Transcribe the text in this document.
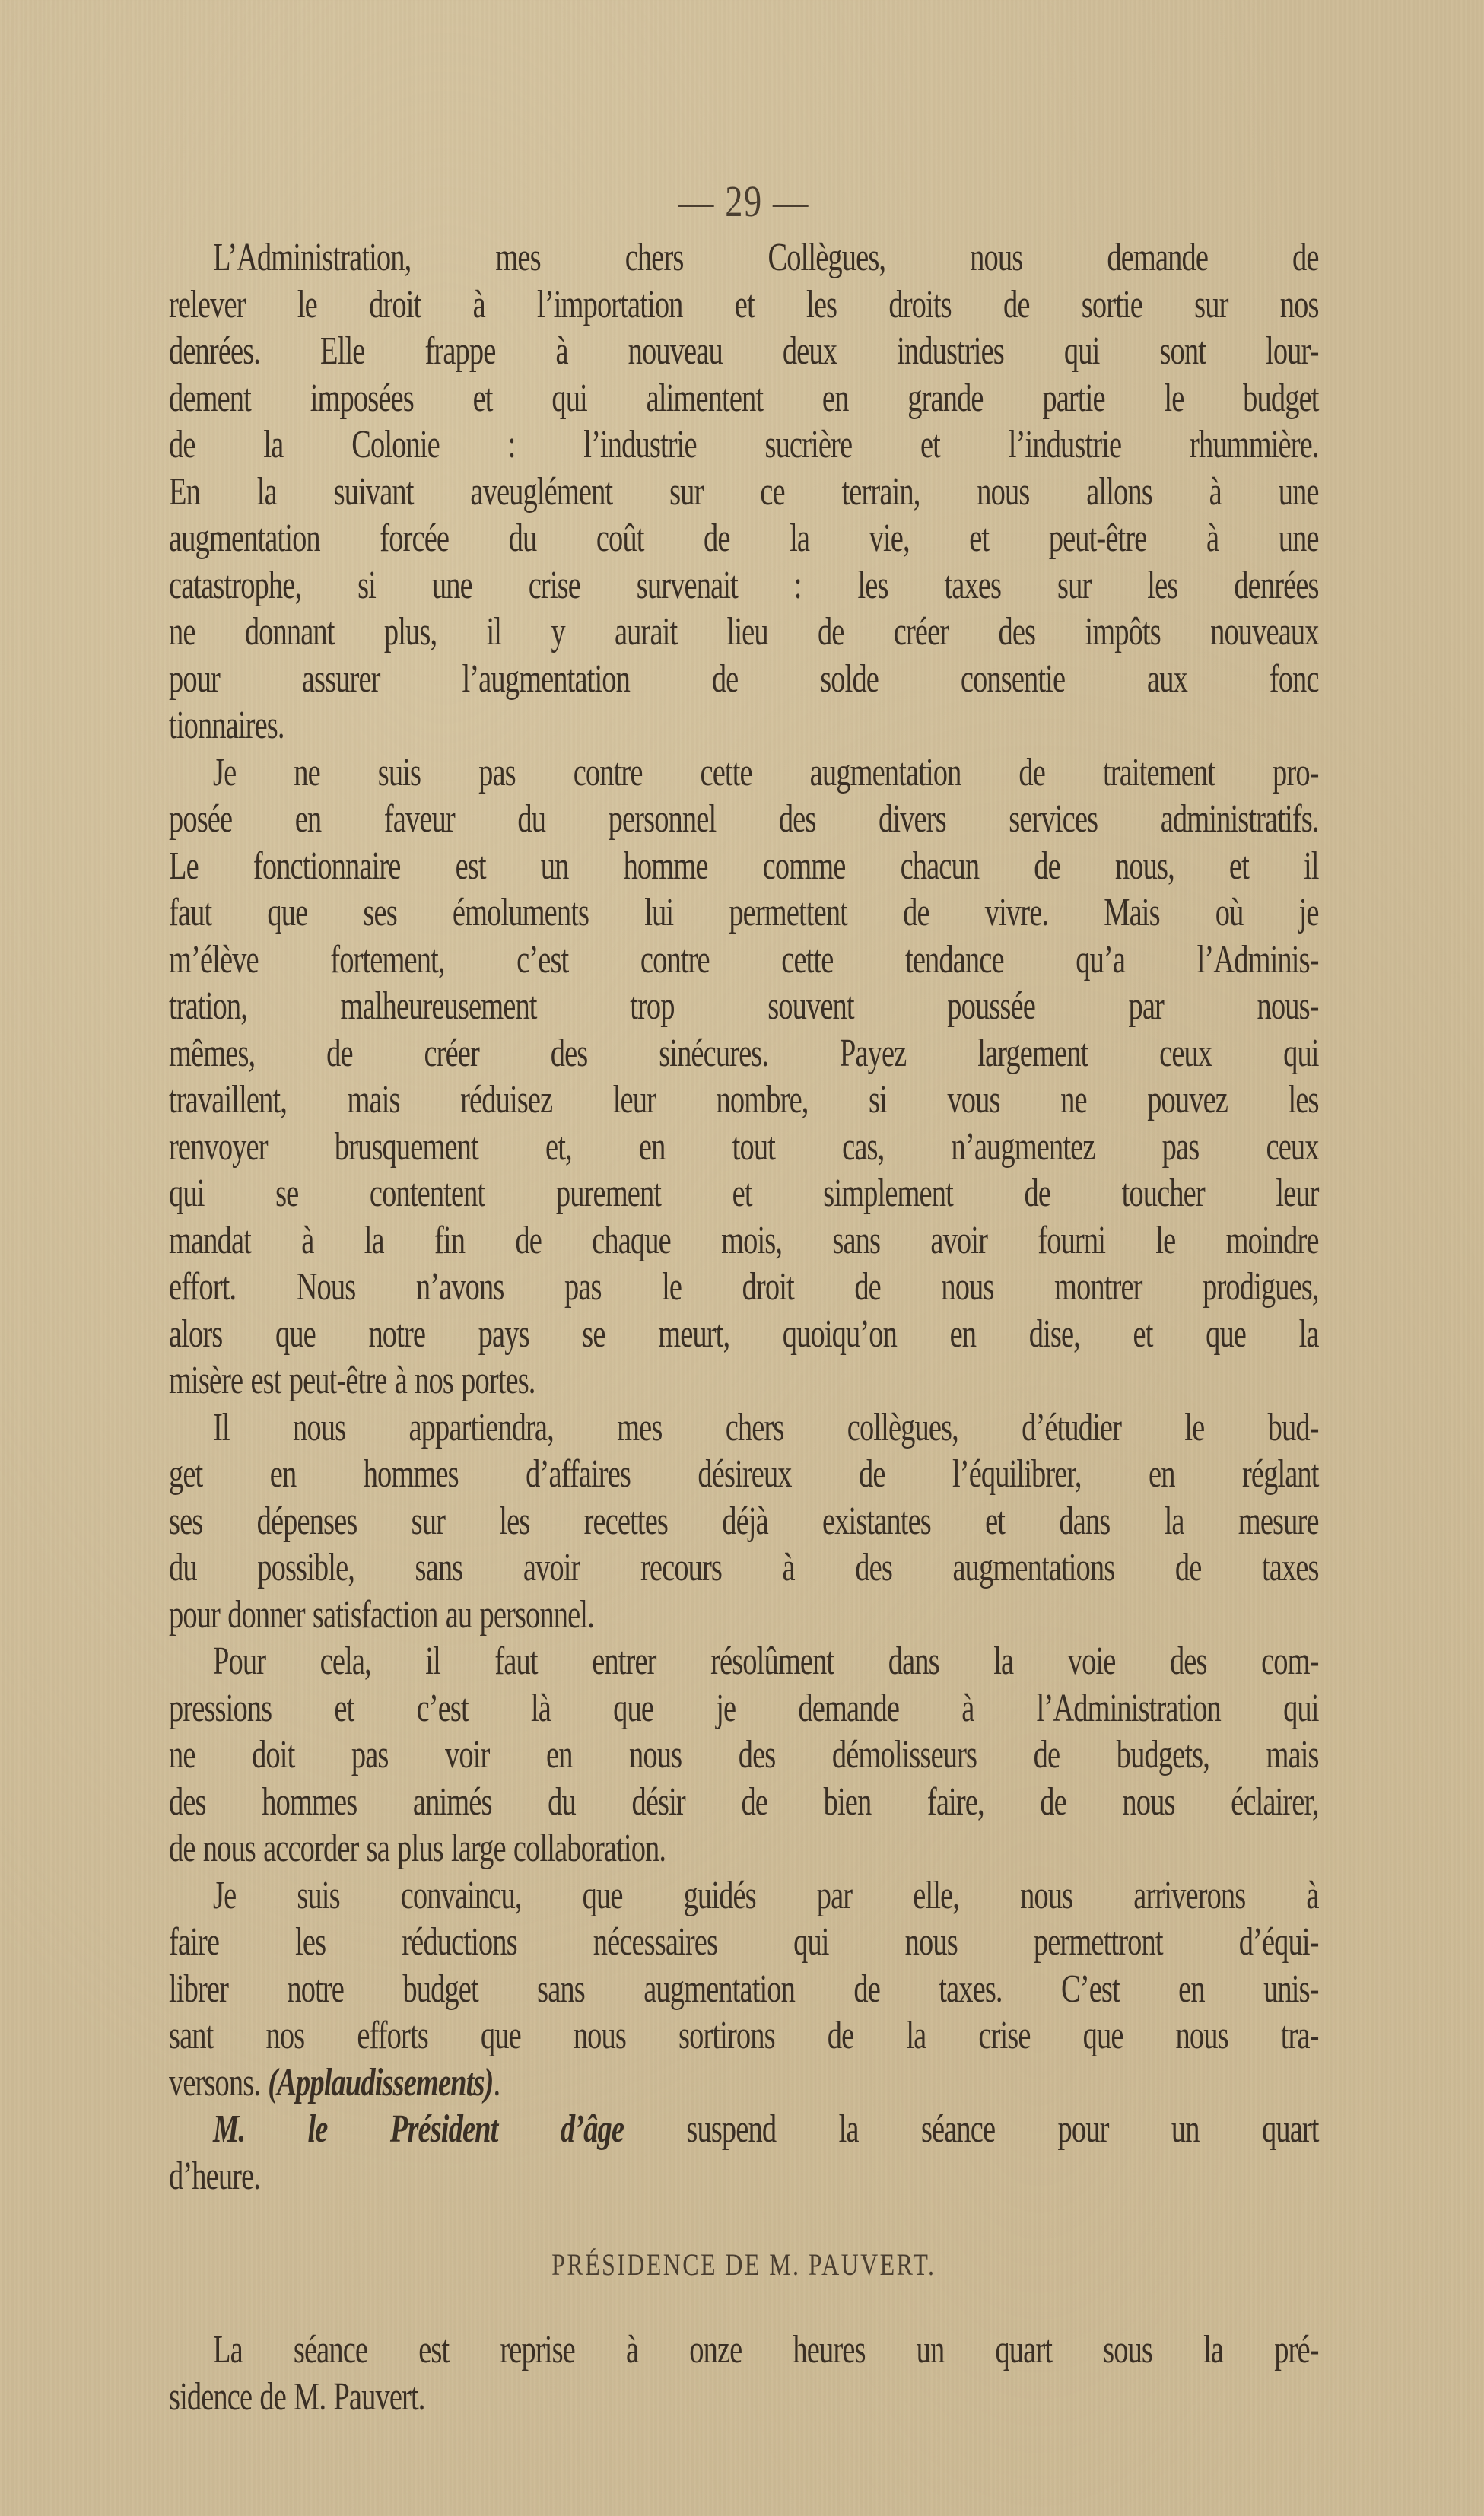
— 29 —
L’Administration, mes chers Collègues, nous demande de
relever le droit à l’importation et les droits de sortie sur nos
denrées. Elle frappe à nouveau deux industries qui sont lour-
dement imposées et qui alimentent en grande partie le budget
de la Colonie : l’industrie sucrière et l’industrie rhummière.
En la suivant aveuglément sur ce terrain, nous allons à une
augmentation forcée du coût de la vie, et peut-être à une
catastrophe, si une crise survenait : les taxes sur les denrées
ne donnant plus, il y aurait lieu de créer des impôts nouveaux
pour assurer l’augmentation de solde consentie aux fonc
tionnaires.
Je ne suis pas contre cette augmentation de traitement pro-
posée en faveur du personnel des divers services administratifs.
Le fonctionnaire est un homme comme chacun de nous, et il
faut que ses émoluments lui permettent de vivre. Mais où je
m’élève fortement, c’est contre cette tendance qu’a l’Adminis-
tration, malheureusement trop souvent poussée par nous-
mêmes, de créer des sinécures. Payez largement ceux qui
travaillent, mais réduisez leur nombre, si vous ne pouvez les
renvoyer brusquement et, en tout cas, n’augmentez pas ceux
qui se contentent purement et simplement de toucher leur
mandat à la fin de chaque mois, sans avoir fourni le moindre
effort. Nous n’avons pas le droit de nous montrer prodigues,
alors que notre pays se meurt, quoiqu’on en dise, et que la
misère est peut-être à nos portes.
Il nous appartiendra, mes chers collègues, d’étudier le bud-
get en hommes d’affaires désireux de l’équilibrer, en réglant
ses dépenses sur les recettes déjà existantes et dans la mesure
du possible, sans avoir recours à des augmentations de taxes
pour donner satisfaction au personnel.
Pour cela, il faut entrer résolûment dans la voie des com-
pressions et c’est là que je demande à l’Administration qui
ne doit pas voir en nous des démolisseurs de budgets, mais
des hommes animés du désir de bien faire, de nous éclairer,
de nous accorder sa plus large collaboration.
Je suis convaincu, que guidés par elle, nous arriverons à
faire les réductions nécessaires qui nous permettront d’équi-
librer notre budget sans augmentation de taxes. C’est en unis-
sant nos efforts que nous sortirons de la crise que nous tra-
versons. (Applaudissements).
M. le Président d’âge suspend la séance pour un quart
d’heure.
PRÉSIDENCE DE M. PAUVERT.
La séance est reprise à onze heures un quart sous la pré-
sidence de M. Pauvert.
